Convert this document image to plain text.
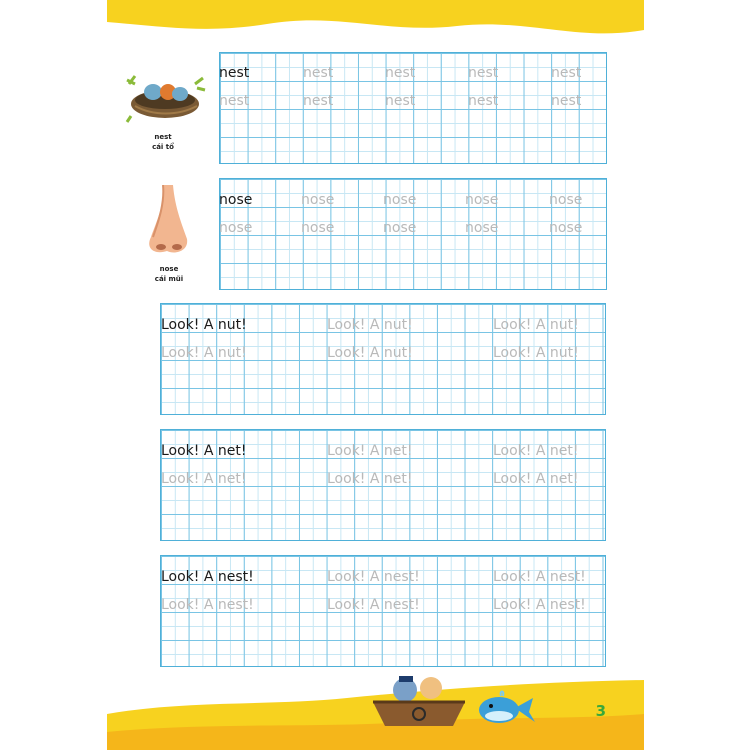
nest
cái tổ
nose
cái mũi
nest	nest	nest	nest	nest
nest	nest	nest	nest	nest
nose	nose	nose	nose	nose
nose	nose	nose	nose	nose
Look! A nut!	Look! A nut!	Look! A nut!
Look! A nut!	Look! A nut!	Look! A nut!
Look! A net!	Look! A net!	Look! A net!
Look! A net!	Look! A net!	Look! A net!
Look! A nest!	Look! A nest!	Look! A nest!
Look! A nest!	Look! A nest!	Look! A nest!
3
